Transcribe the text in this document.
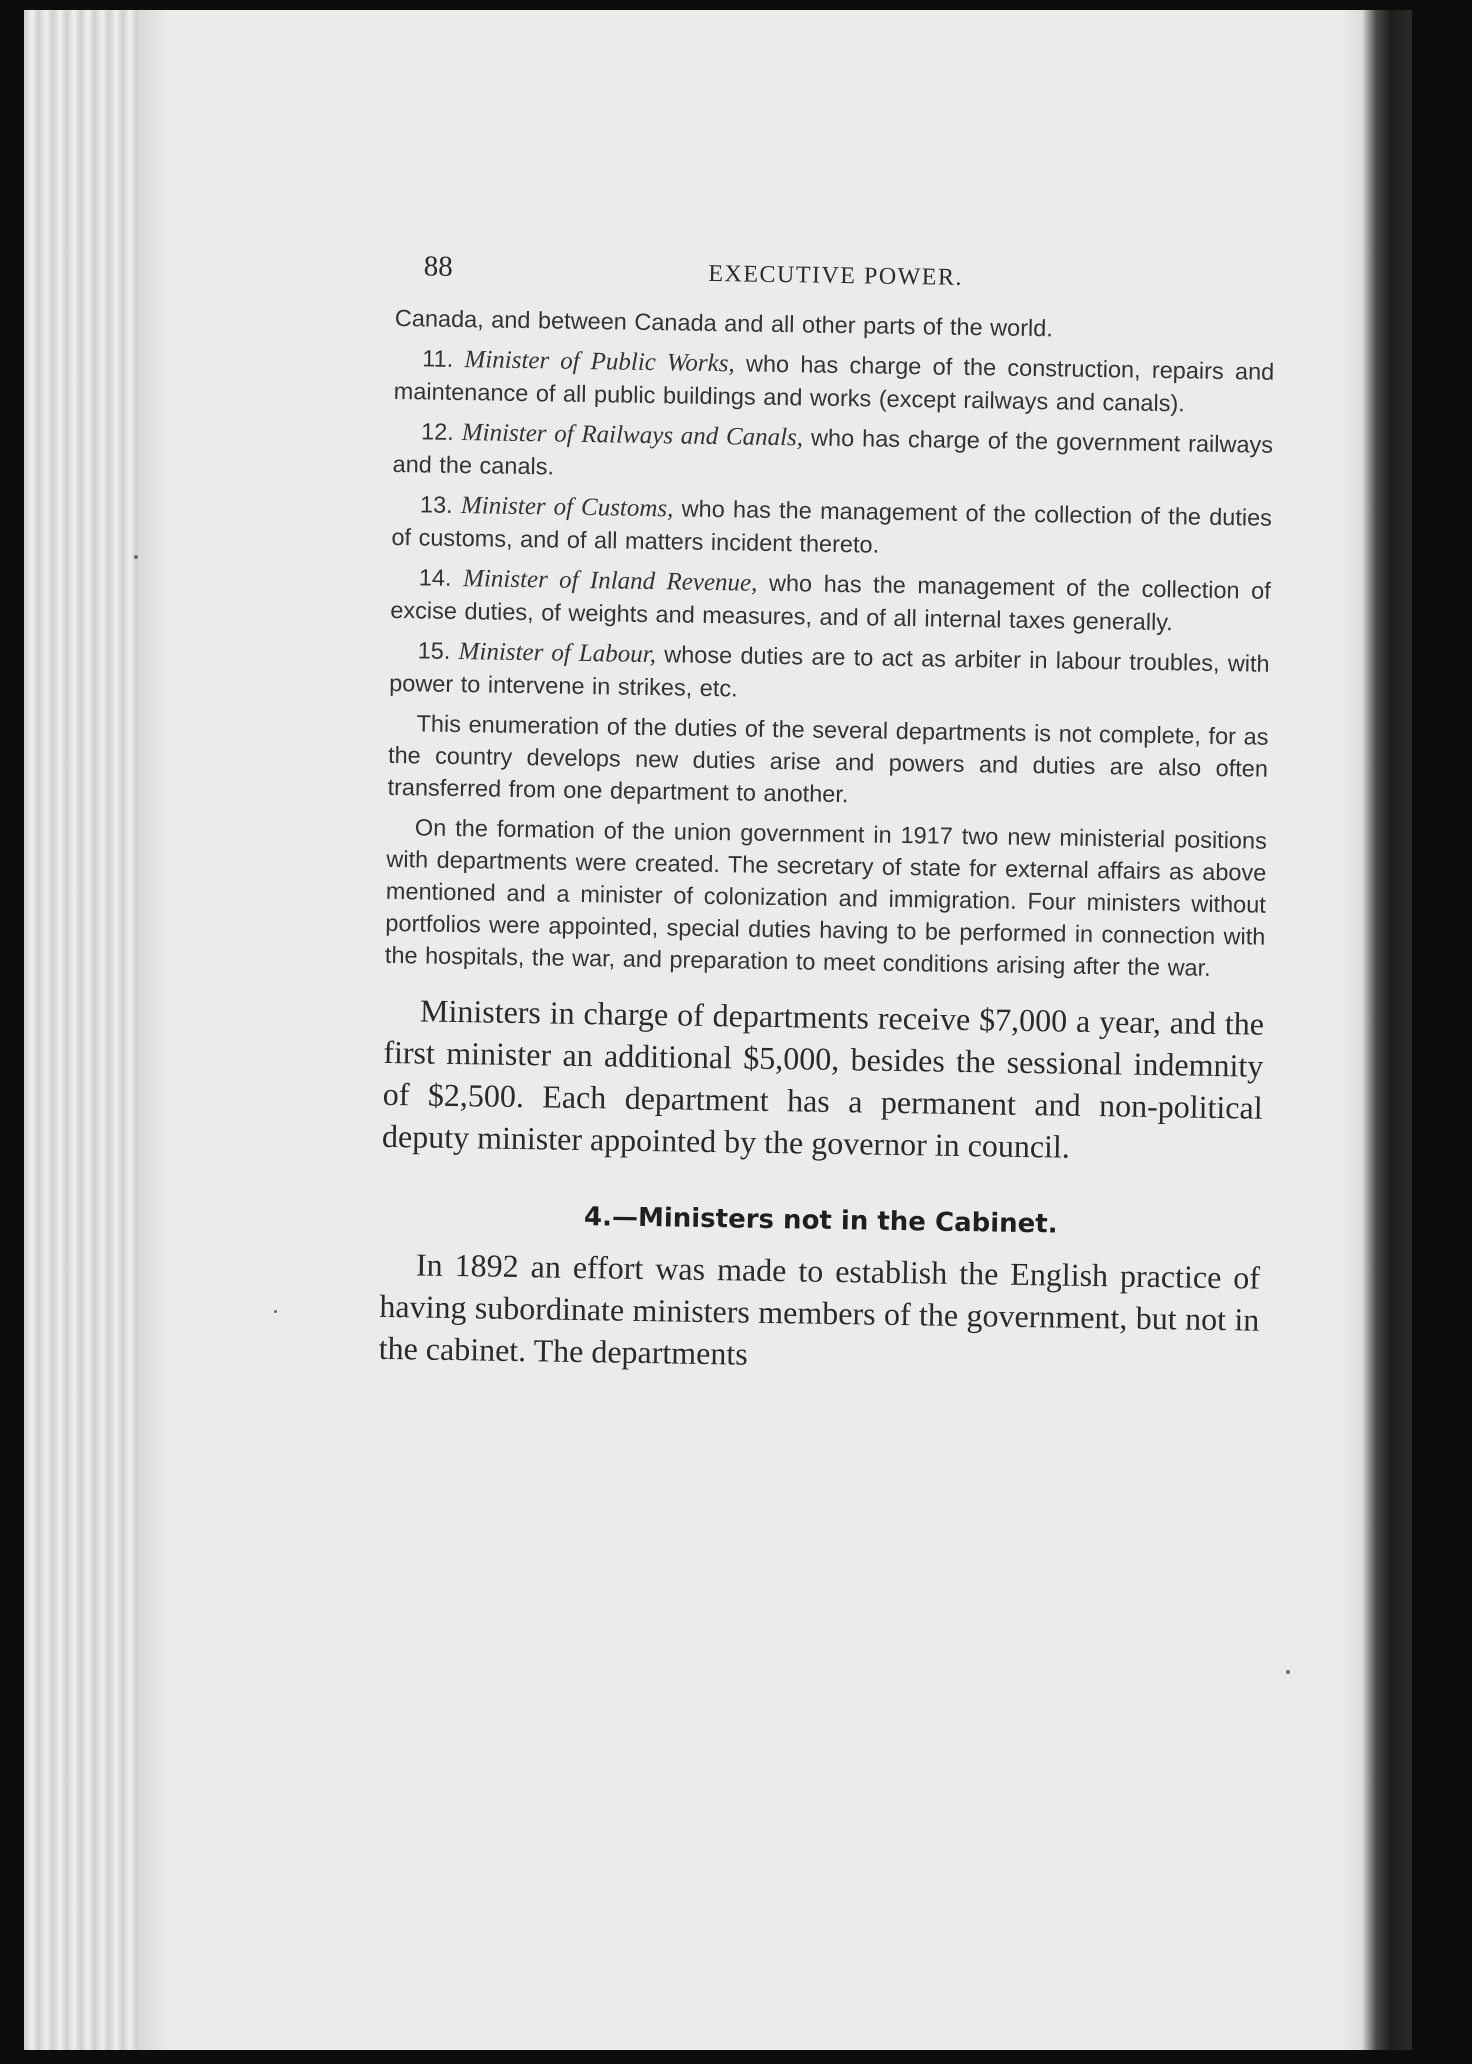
88	EXECUTIVE POWER.

Canada, and between Canada and all other parts of the world.

11. Minister of Public Works, who has charge of the construction, repairs and maintenance of all public buildings and works (except railways and canals).

12. Minister of Railways and Canals, who has charge of the government railways and the canals.

13. Minister of Customs, who has the management of the collection of the duties of customs, and of all matters incident thereto.

14. Minister of Inland Revenue, who has the management of the collection of excise duties, of weights and measures, and of all internal taxes generally.

15. Minister of Labour, whose duties are to act as arbiter in labour troubles, with power to intervene in strikes, etc.

This enumeration of the duties of the several departments is not complete, for as the country develops new duties arise and powers and duties are also often transferred from one department to another.

On the formation of the union government in 1917 two new ministerial positions with departments were created. The secretary of state for external affairs as above mentioned and a minister of colonization and immigration. Four ministers without portfolios were appointed, special duties having to be performed in connection with the hospitals, the war, and preparation to meet conditions arising after the war.

Ministers in charge of departments receive $7,000 a year, and the first minister an additional $5,000, besides the sessional indemnity of $2,500. Each department has a permanent and non-political deputy minister appointed by the governor in council.

4.—Ministers not in the Cabinet.

In 1892 an effort was made to establish the English practice of having subordinate ministers members of the government, but not in the cabinet. The departments
